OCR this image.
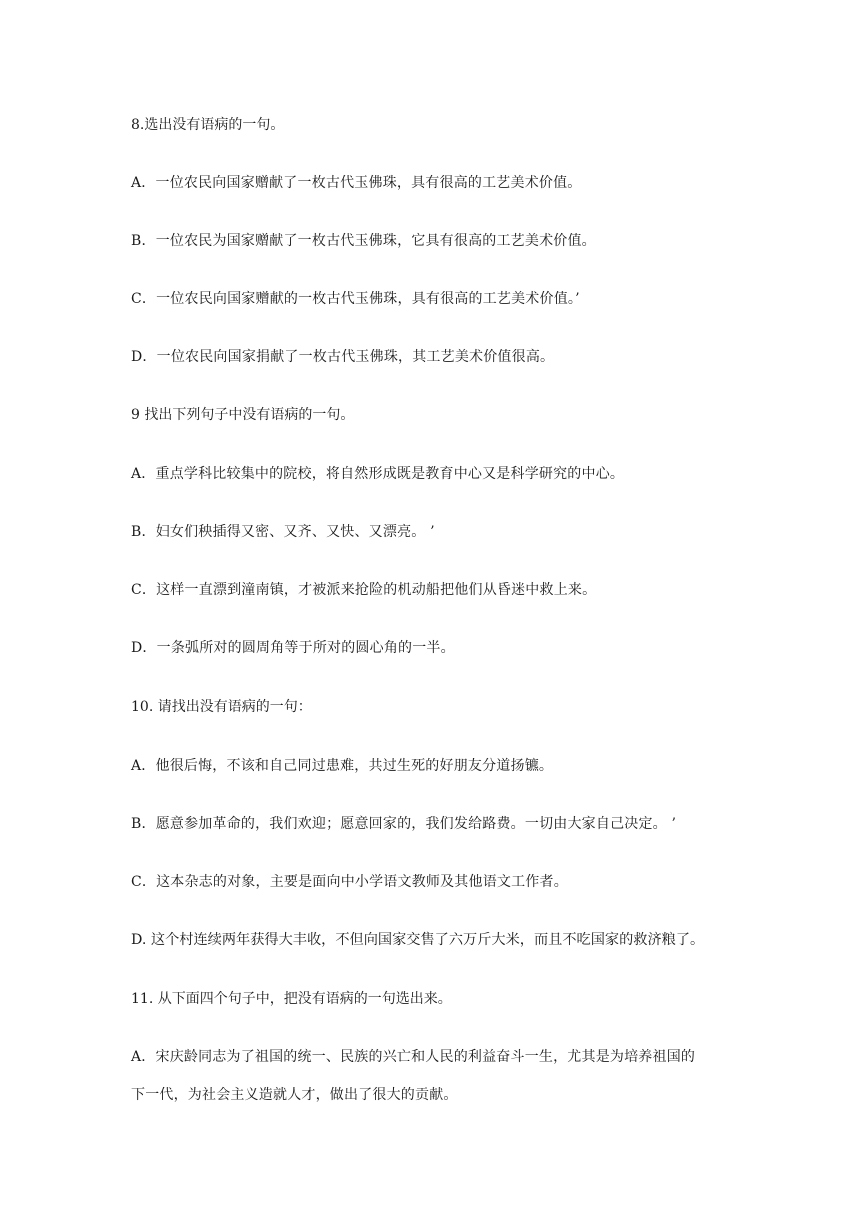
8.选出没有语病的一句。
A．一位农民向国家赠献了一枚古代玉佛珠，具有很高的工艺美术价值。
B．一位农民为国家赠献了一枚古代玉佛珠，它具有很高的工艺美术价值。
C．一位农民向国家赠献的一枚古代玉佛珠，具有很高的工艺美术价值。’
D．一位农民向国家捐献了一枚古代玉佛珠，其工艺美术价值很高。
9 找出下列句子中没有语病的一句。
A．重点学科比较集中的院校，将自然形成既是教育中心又是科学研究的中心。
B．妇女们秧插得又密、又齐、又快、又漂亮。 ’
C．这样一直漂到潼南镇，才被派来抢险的机动船把他们从昏迷中救上来。
D．一条弧所对的圆周角等于所对的圆心角的一半。
10. 请找出没有语病的一句：
A．他很后悔，不该和自己同过患难，共过生死的好朋友分道扬镳。
B．愿意参加革命的，我们欢迎；愿意回家的，我们发给路费。一切由大家自己决定。 ’
C．这本杂志的对象，主要是面向中小学语文教师及其他语文工作者。
D. 这个村连续两年获得大丰收，不但向国家交售了六万斤大米，而且不吃国家的救济粮了。
11. 从下面四个句子中，把没有语病的一句选出来。
A．宋庆龄同志为了祖国的统一、民族的兴亡和人民的利益奋斗一生，尤其是为培养祖国的
下一代，为社会主义造就人才，做出了很大的贡献。
